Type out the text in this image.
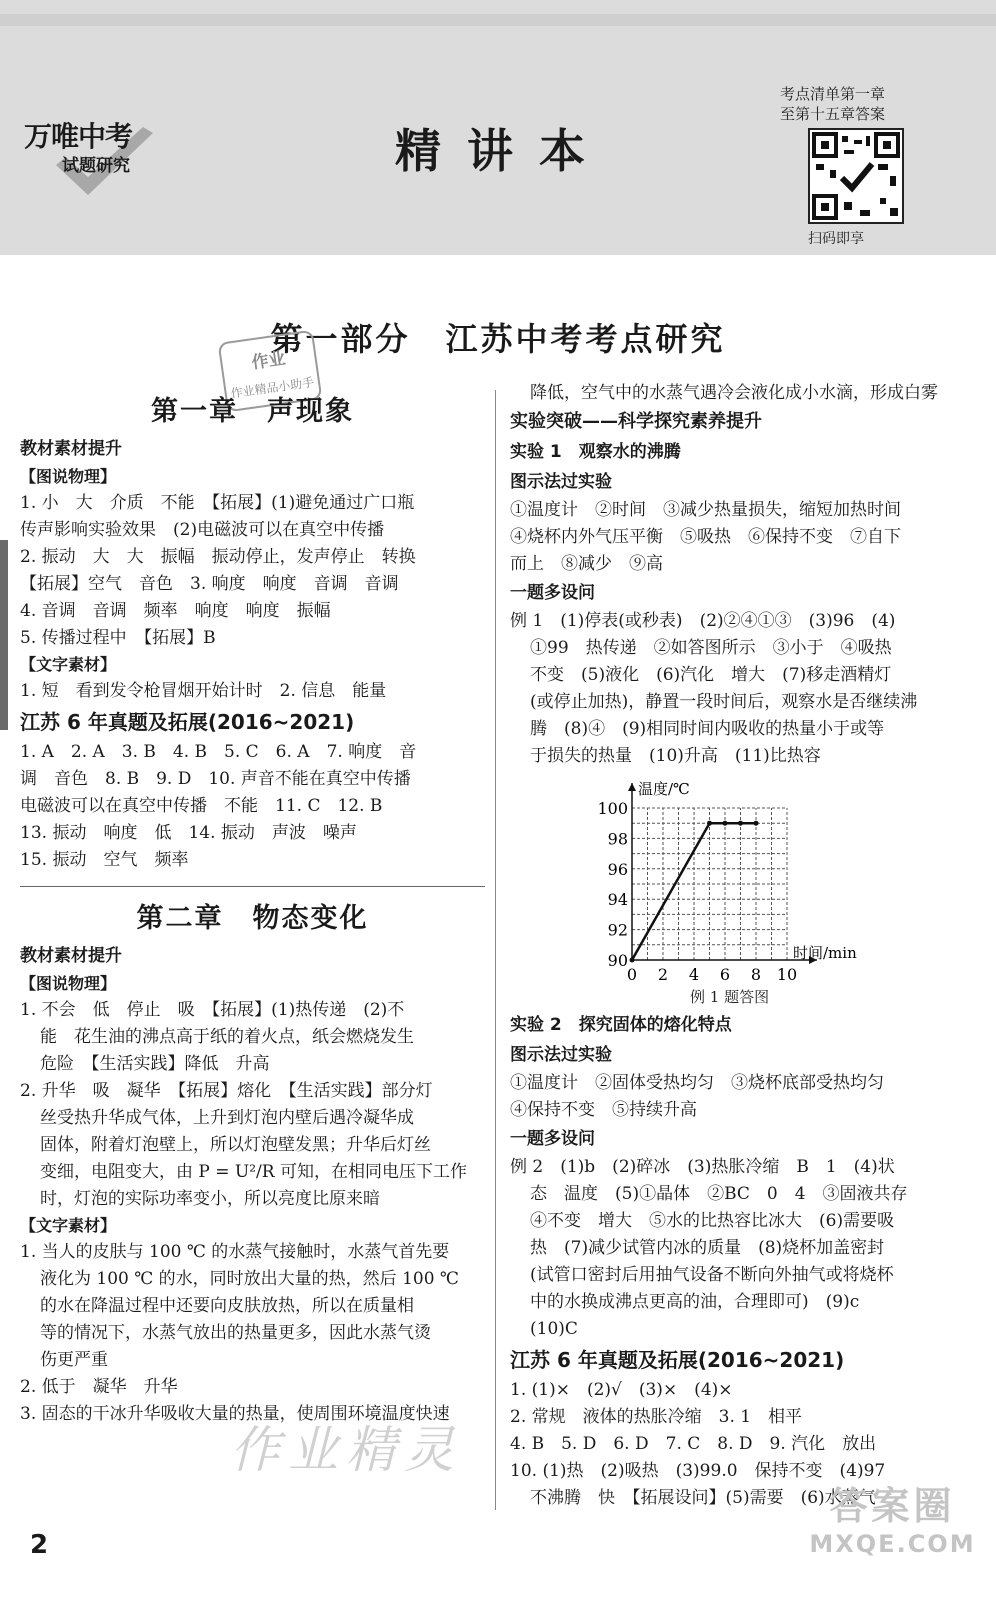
万唯中考
试题研究	精讲本
考点清单第一章
至第十五章答案
扫码即享
第一部分　江苏中考考点研究
作业
作业精品小助手
第一章　声现象
教材素材提升
【图说物理】
1. 小　大　介质　不能　【拓展】(1)避免通过广口瓶
传声影响实验效果　(2)电磁波可以在真空中传播
2. 振动　大　大　振幅　振动停止，发声停止　转换
【拓展】空气　音色　3. 响度　响度　音调　音调
4. 音调　音调　频率　响度　响度　振幅
5. 传播过程中　【拓展】B
【文字素材】
1. 短　看到发令枪冒烟开始计时　2. 信息　能量
江苏 6 年真题及拓展(2016~2021)
1. A　2. A　3. B　4. B　5. C　6. A　7. 响度　音
调　音色　8. B　9. D　10. 声音不能在真空中传播
电磁波可以在真空中传播　不能　11. C　12. B
13. 振动　响度　低　14. 振动　声波　噪声
15. 振动　空气　频率
第二章　物态变化
教材素材提升
【图说物理】
1. 不会　低　停止　吸　【拓展】(1)热传递　(2)不
能　花生油的沸点高于纸的着火点，纸会燃烧发生
危险　【生活实践】降低　升高
2. 升华　吸　凝华　【拓展】熔化　【生活实践】部分灯
丝受热升华成气体，上升到灯泡内壁后遇冷凝华成
固体，附着灯泡壁上，所以灯泡壁发黑；升华后灯丝
变细，电阻变大，由 P = U²/R 可知，在相同电压下工作
时，灯泡的实际功率变小，所以亮度比原来暗
【文字素材】
1. 当人的皮肤与 100 ℃ 的水蒸气接触时，水蒸气首先要
液化为 100 ℃ 的水，同时放出大量的热，然后 100 ℃
的水在降温过程中还要向皮肤放热，所以在质量相
等的情况下，水蒸气放出的热量更多，因此水蒸气烫
伤更严重
2. 低于　凝华　升华
3. 固态的干冰升华吸收大量的热量，使周围环境温度快速
降低，空气中的水蒸气遇冷会液化成小水滴，形成白雾
实验突破——科学探究素养提升
实验 1　观察水的沸腾
图示法过实验
①温度计　②时间　③减少热量损失，缩短加热时间
④烧杯内外气压平衡　⑤吸热　⑥保持不变　⑦自下
而上　⑧减少　⑨高
一题多设问
例 1　(1)停表(或秒表)　(2)②④①③　(3)96　(4)
①99　热传递　②如答图所示　③小于　④吸热
不变　(5)液化　(6)汽化　增大　(7)移走酒精灯
(或停止加热)，静置一段时间后，观察水是否继续沸
腾　(8)④　(9)相同时间内吸收的热量小于或等
于损失的热量　(10)升高　(11)比热容
0 2 4 6 8 10
90
92
94
96
98
100
温度/℃
时间/min
例 1 题答图
实验 2　探究固体的熔化特点
图示法过实验
①温度计　②固体受热均匀　③烧杯底部受热均匀
④保持不变　⑤持续升高
一题多设问
例 2　(1)b　(2)碎冰　(3)热胀冷缩　B　1　(4)状
态　温度　(5)①晶体　②BC　0　4　③固液共存
④不变　增大　⑤水的比热容比冰大　(6)需要吸
热　(7)减少试管内冰的质量　(8)烧杯加盖密封
(试管口密封后用抽气设备不断向外抽气或将烧杯
中的水换成沸点更高的油，合理即可)　(9)c
(10)C
江苏 6 年真题及拓展(2016~2021)
1. (1)×　(2)√　(3)×　(4)×
2. 常规　液体的热胀冷缩　3. 1　相平
4. B　5. D　6. D　7. C　8. D　9. 汽化　放出
10. (1)热　(2)吸热　(3)99.0　保持不变　(4)97
不沸腾　快　【拓展设问】(5)需要　(6)水蒸气
作业精灵
答案圈
MXQE.COM
2
